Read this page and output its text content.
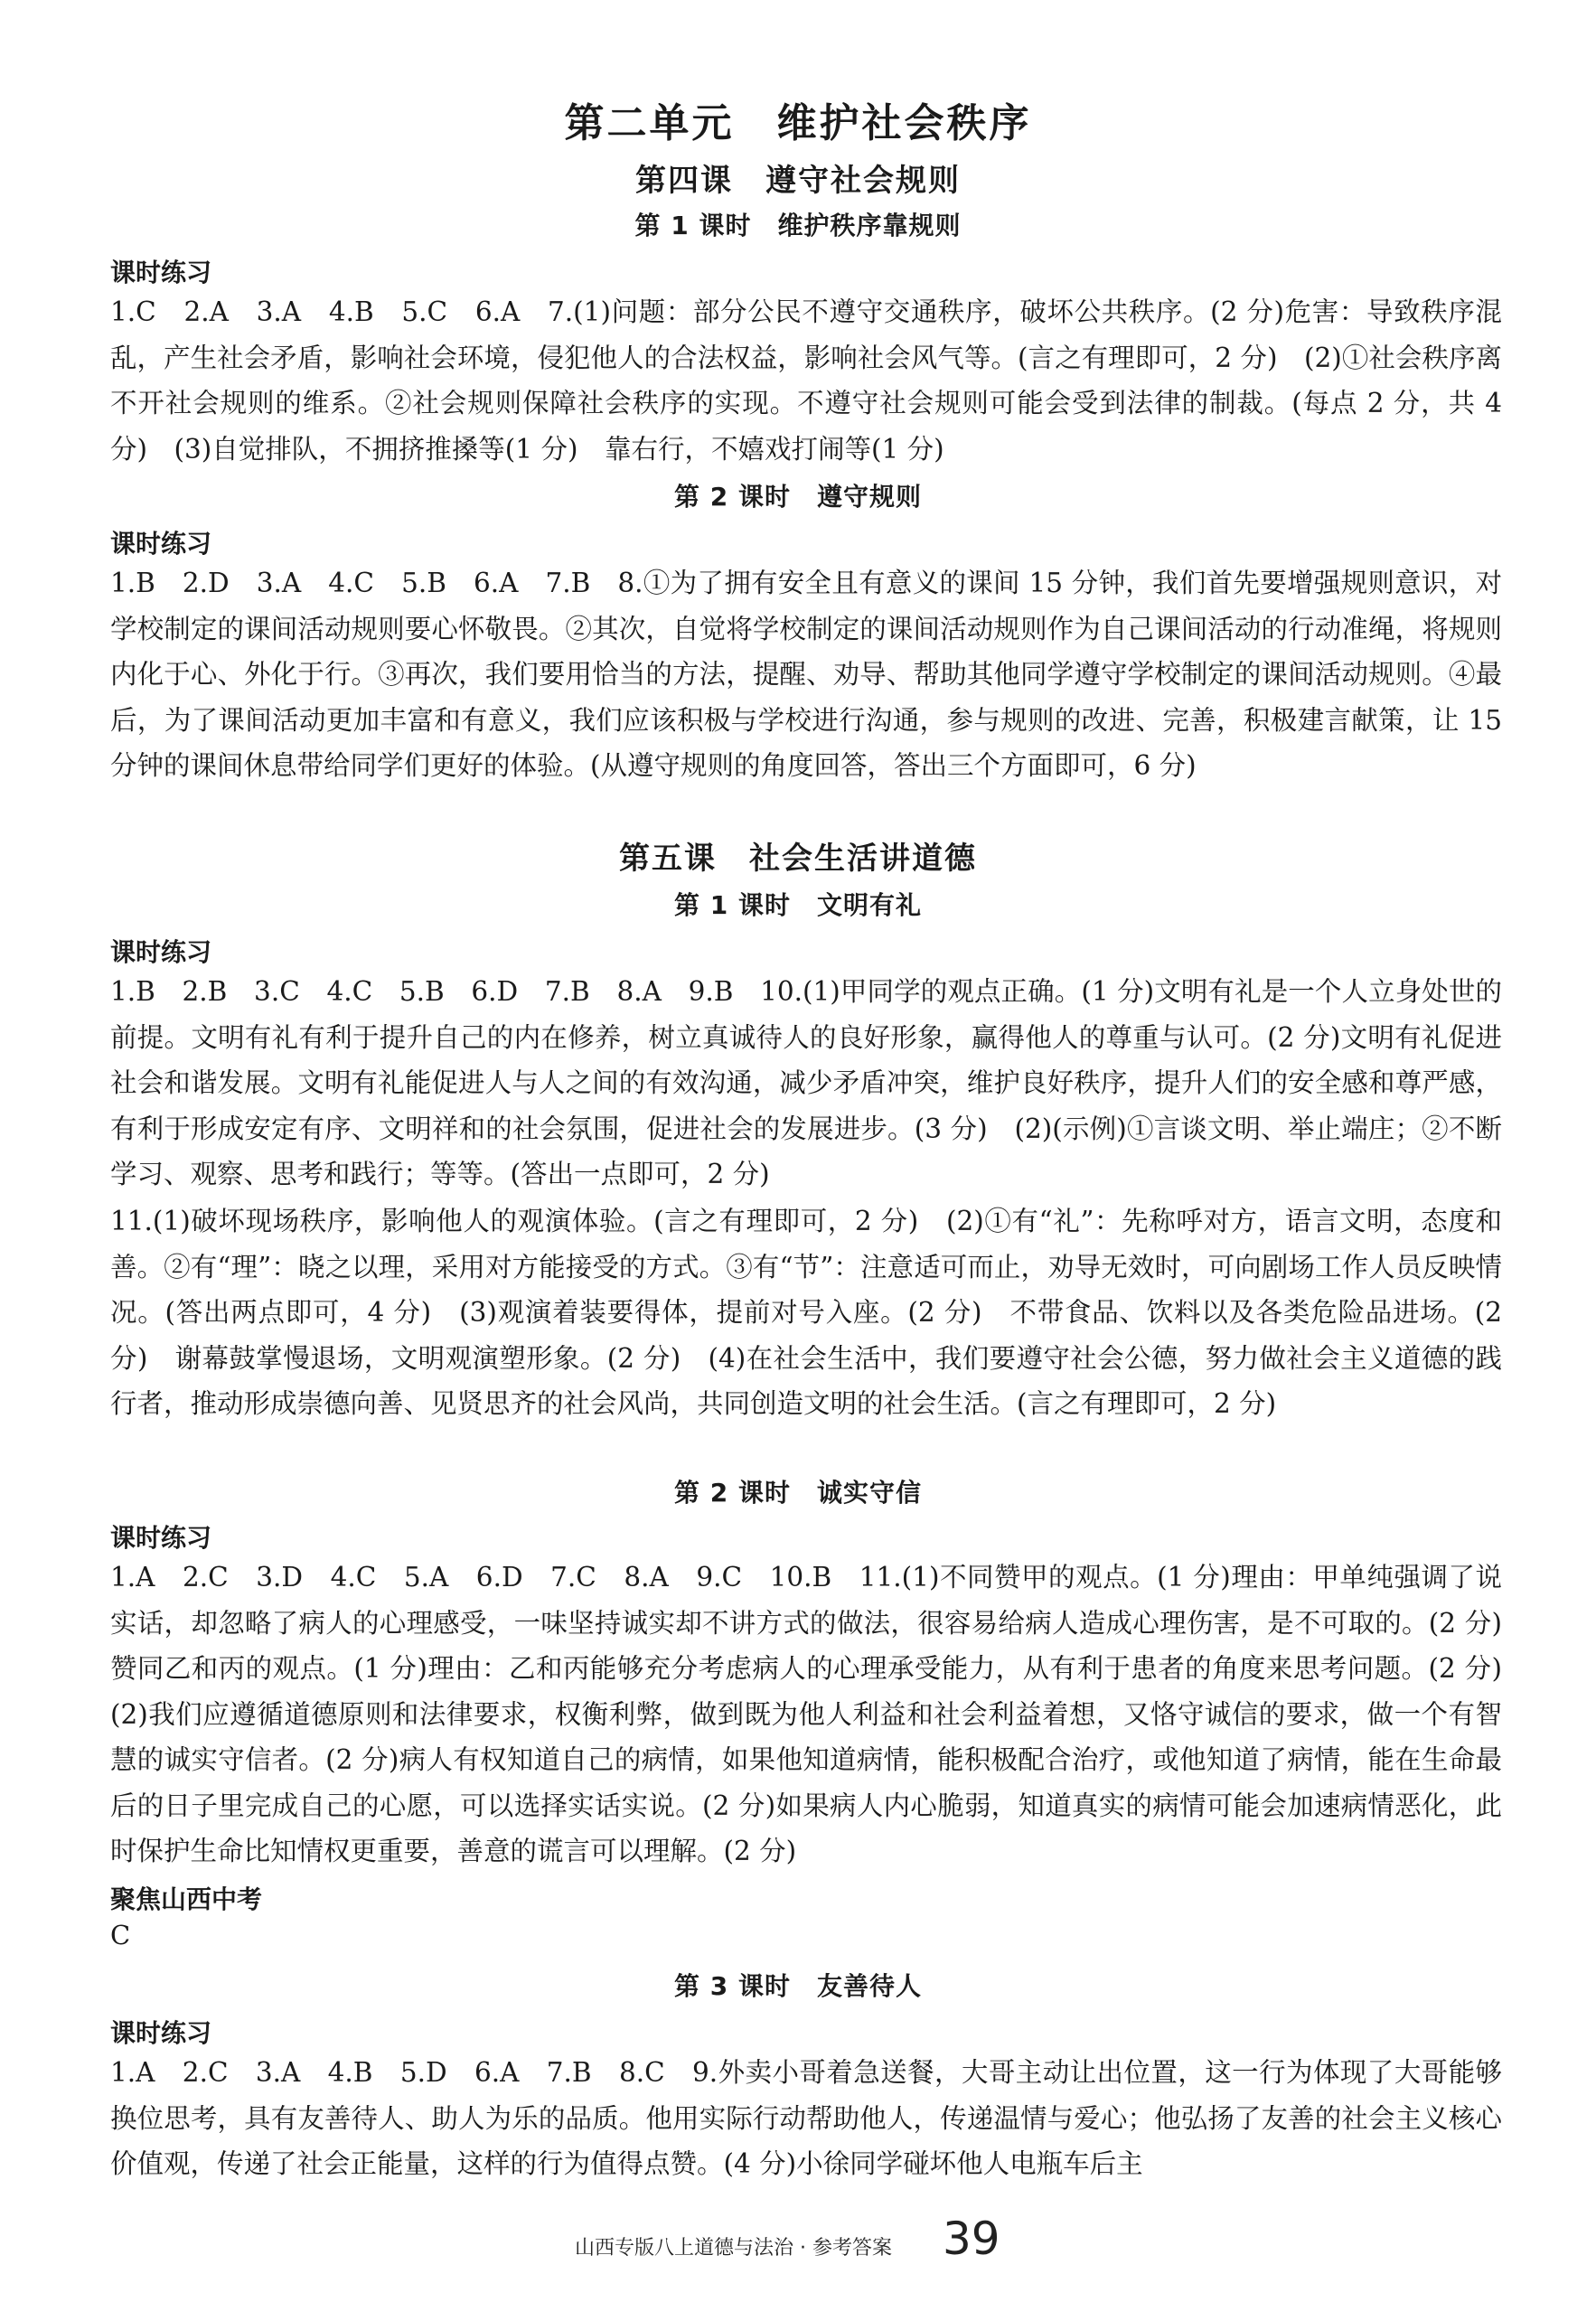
第二单元　维护社会秩序
第四课　遵守社会规则
第 1 课时　维护秩序靠规则
课时练习
1.C　2.A　3.A　4.B　5.C　6.A　7.(1)问题：部分公民不遵守交通秩序，破坏公共秩序。(2 分)危害：导致秩序混乱，产生社会矛盾，影响社会环境，侵犯他人的合法权益，影响社会风气等。(言之有理即可，2 分)　(2)①社会秩序离不开社会规则的维系。②社会规则保障社会秩序的实现。不遵守社会规则可能会受到法律的制裁。(每点 2 分，共 4 分)　(3)自觉排队，不拥挤推搡等(1 分)　靠右行，不嬉戏打闹等(1 分)
第 2 课时　遵守规则
课时练习
1.B　2.D　3.A　4.C　5.B　6.A　7.B　8.①为了拥有安全且有意义的课间 15 分钟，我们首先要增强规则意识，对学校制定的课间活动规则要心怀敬畏。②其次，自觉将学校制定的课间活动规则作为自己课间活动的行动准绳，将规则内化于心、外化于行。③再次，我们要用恰当的方法，提醒、劝导、帮助其他同学遵守学校制定的课间活动规则。④最后，为了课间活动更加丰富和有意义，我们应该积极与学校进行沟通，参与规则的改进、完善，积极建言献策，让 15 分钟的课间休息带给同学们更好的体验。(从遵守规则的角度回答，答出三个方面即可，6 分)
第五课　社会生活讲道德
第 1 课时　文明有礼
课时练习
1.B　2.B　3.C　4.C　5.B　6.D　7.B　8.A　9.B　10.(1)甲同学的观点正确。(1 分)文明有礼是一个人立身处世的前提。文明有礼有利于提升自己的内在修养，树立真诚待人的良好形象，赢得他人的尊重与认可。(2 分)文明有礼促进社会和谐发展。文明有礼能促进人与人之间的有效沟通，减少矛盾冲突，维护良好秩序，提升人们的安全感和尊严感，有利于形成安定有序、文明祥和的社会氛围，促进社会的发展进步。(3 分)　(2)(示例)①言谈文明、举止端庄；②不断学习、观察、思考和践行；等等。(答出一点即可，2 分)
11.(1)破坏现场秩序，影响他人的观演体验。(言之有理即可，2 分)　(2)①有“礼”：先称呼对方，语言文明，态度和善。②有“理”：晓之以理，采用对方能接受的方式。③有“节”：注意适可而止，劝导无效时，可向剧场工作人员反映情况。(答出两点即可，4 分)　(3)观演着装要得体，提前对号入座。(2 分)　不带食品、饮料以及各类危险品进场。(2 分)　谢幕鼓掌慢退场，文明观演塑形象。(2 分)　(4)在社会生活中，我们要遵守社会公德，努力做社会主义道德的践行者，推动形成崇德向善、见贤思齐的社会风尚，共同创造文明的社会生活。(言之有理即可，2 分)
第 2 课时　诚实守信
课时练习
1.A　2.C　3.D　4.C　5.A　6.D　7.C　8.A　9.C　10.B　11.(1)不同赞甲的观点。(1 分)理由：甲单纯强调了说实话，却忽略了病人的心理感受，一味坚持诚实却不讲方式的做法，很容易给病人造成心理伤害，是不可取的。(2 分)赞同乙和丙的观点。(1 分)理由：乙和丙能够充分考虑病人的心理承受能力，从有利于患者的角度来思考问题。(2 分)　(2)我们应遵循道德原则和法律要求，权衡利弊，做到既为他人利益和社会利益着想，又恪守诚信的要求，做一个有智慧的诚实守信者。(2 分)病人有权知道自己的病情，如果他知道病情，能积极配合治疗，或他知道了病情，能在生命最后的日子里完成自己的心愿，可以选择实话实说。(2 分)如果病人内心脆弱，知道真实的病情可能会加速病情恶化，此时保护生命比知情权更重要，善意的谎言可以理解。(2 分)
聚焦山西中考
C
第 3 课时　友善待人
课时练习
1.A　2.C　3.A　4.B　5.D　6.A　7.B　8.C　9.外卖小哥着急送餐，大哥主动让出位置，这一行为体现了大哥能够换位思考，具有友善待人、助人为乐的品质。他用实际行动帮助他人，传递温情与爱心；他弘扬了友善的社会主义核心价值观，传递了社会正能量，这样的行为值得点赞。(4 分)小徐同学碰坏他人电瓶车后主
山西专版八上道德与法治 · 参考答案 39
